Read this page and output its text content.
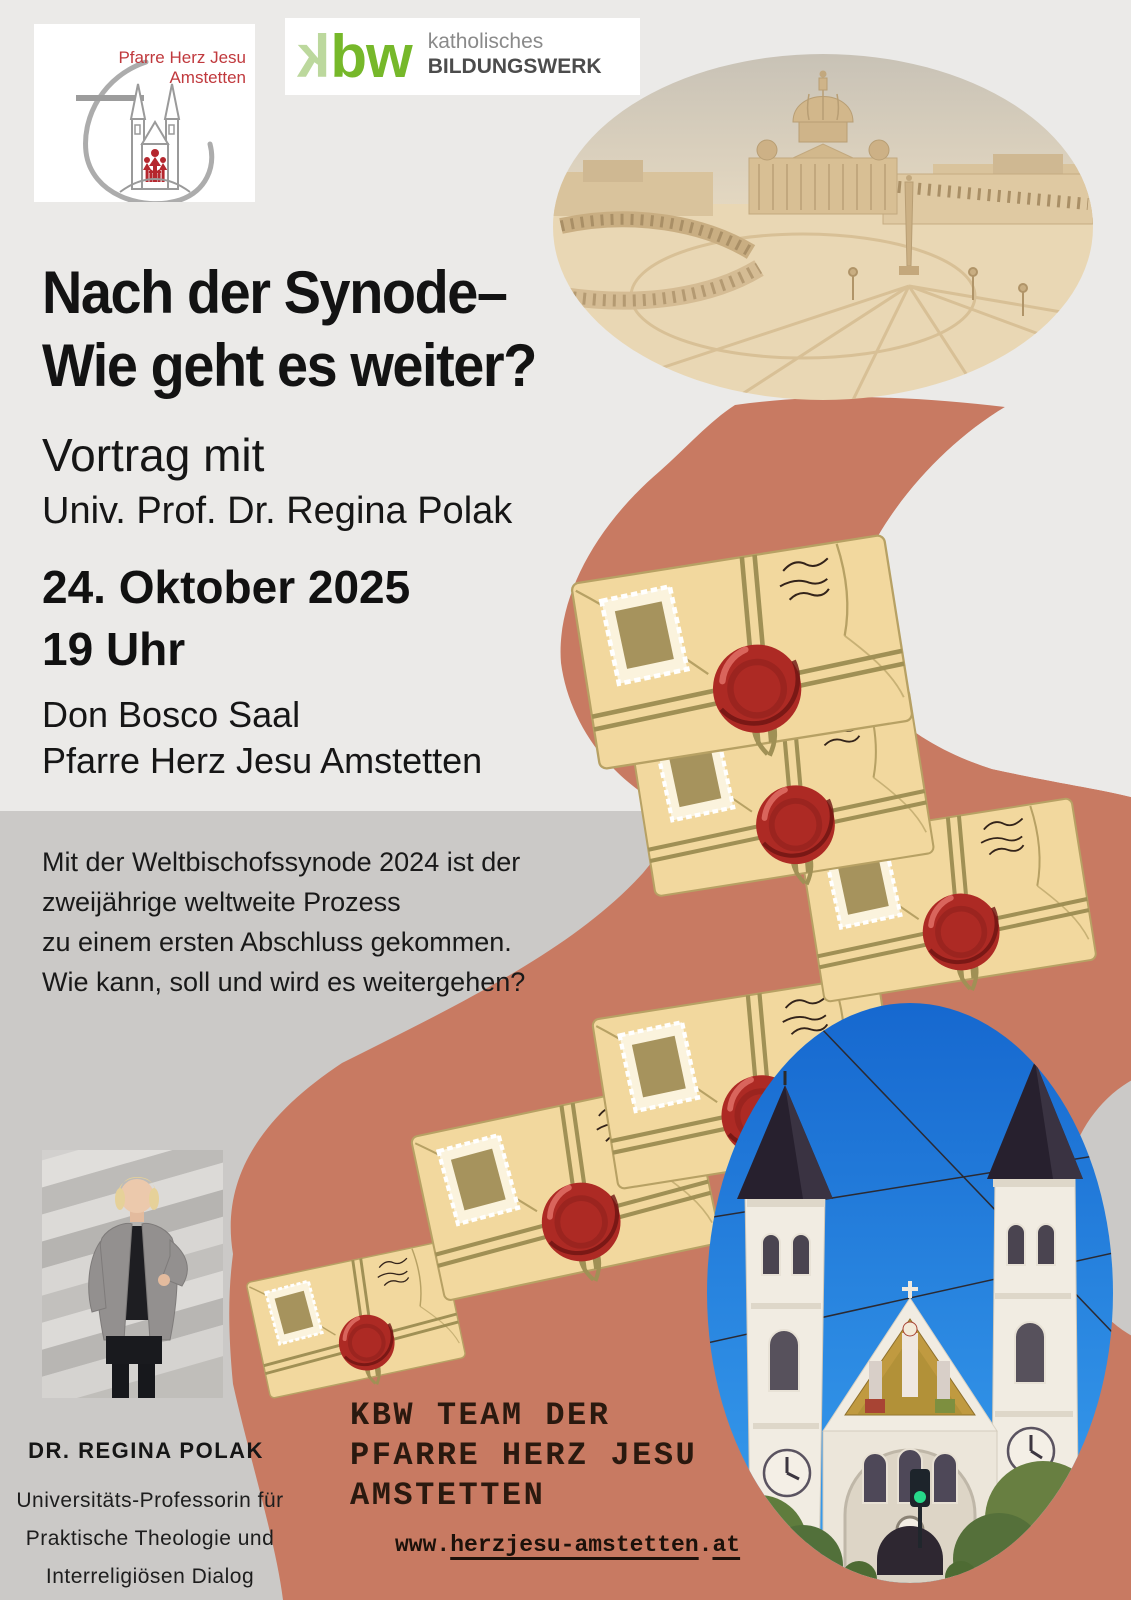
Pfarre Herz Jesu
Amstetten k bw katholisches
BILDUNGSWERK
Nach der Synode–
Wie geht es weiter?
Vortrag mit
Univ. Prof. Dr. Regina Polak
24. Oktober 2025
19 Uhr
Don Bosco Saal
Pfarre Herz Jesu Amstetten
Mit der Weltbischofssynode 2024 ist der
zweijährige weltweite Prozess
zu einem ersten Abschluss gekommen.
Wie kann, soll und wird es weitergehen?
DR. REGINA POLAK
Universitäts-Professorin für
Praktische Theologie und
Interreligiösen Dialog
KBW TEAM DER
PFARRE HERZ JESU
AMSTETTEN
www.herzjesu-amstetten.at
